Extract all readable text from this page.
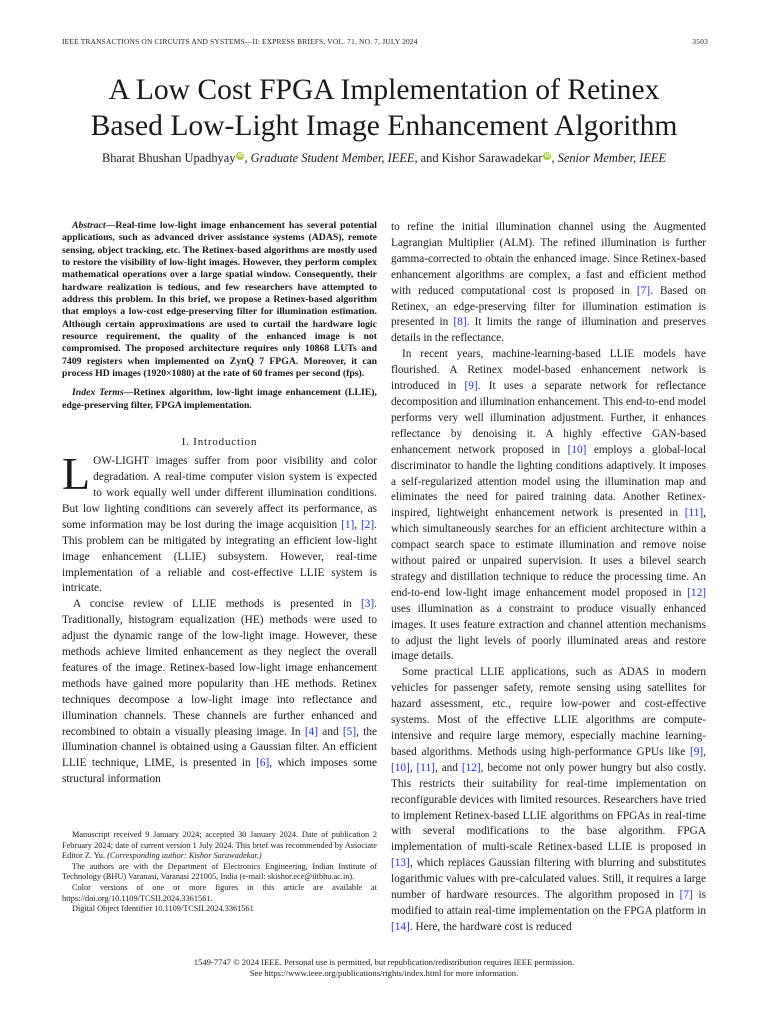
IEEE TRANSACTIONS ON CIRCUITS AND SYSTEMS—II: EXPRESS BRIEFS, VOL. 71, NO. 7, JULY 2024	3503
A Low Cost FPGA Implementation of Retinex
Based Low-Light Image Enhancement Algorithm
Bharat Bhushan Upadhyay iD, Graduate Student Member, IEEE, and Kishor Sarawadekar iD, Senior Member, IEEE

Abstract—Real-time low-light image enhancement has several potential applications, such as advanced driver assistance systems (ADAS), remote sensing, object tracking, etc. The Retinex-based algorithms are mostly used to restore the visibility of low-light images. However, they perform complex mathematical operations over a large spatial window. Consequently, their hardware realization is tedious, and few researchers have attempted to address this problem. In this brief, we propose a Retinex-based algorithm that employs a low-cost edge-preserving filter for illumination estimation. Although certain approximations are used to curtail the hardware logic resource requirement, the quality of the enhanced image is not compromised. The proposed architecture requires only 10868 LUTs and 7409 registers when implemented on ZynQ 7 FPGA. Moreover, it can process HD images (1920×1080) at the rate of 60 frames per second (fps).

Index Terms—Retinex algorithm, low-light image enhancement (LLIE), edge-preserving filter, FPGA implementation.

I. Introduction

LOW-LIGHT images suffer from poor visibility and color degradation. A real-time computer vision system is expected to work equally well under different illumination conditions. But low lighting conditions can severely affect its performance, as some information may be lost during the image acquisition [1], [2]. This problem can be mitigated by integrating an efficient low-light image enhancement (LLIE) subsystem. However, real-time implementation of a reliable and cost-effective LLIE system is intricate.

A concise review of LLIE methods is presented in [3]. Traditionally, histogram equalization (HE) methods were used to adjust the dynamic range of the low-light image. However, these methods achieve limited enhancement as they neglect the overall features of the image. Retinex-based low-light image enhancement methods have gained more popularity than HE methods. Retinex techniques decompose a low-light image into reflectance and illumination channels. These channels are further enhanced and recombined to obtain a visually pleasing image. In [4] and [5], the illumination channel is obtained using a Gaussian filter. An efficient LLIE technique, LIME, is presented in [6], which imposes some structural information

to refine the initial illumination channel using the Augmented Lagrangian Multiplier (ALM). The refined illumination is further gamma-corrected to obtain the enhanced image. Since Retinex-based enhancement algorithms are complex, a fast and efficient method with reduced computational cost is proposed in [7]. Based on Retinex, an edge-preserving filter for illumination estimation is presented in [8]. It limits the range of illumination and preserves details in the reflectance.

In recent years, machine-learning-based LLIE models have flourished. A Retinex model-based enhancement network is introduced in [9]. It uses a separate network for reflectance decomposition and illumination enhancement. This end-to-end model performs very well illumination adjustment. Further, it enhances reflectance by denoising it. A highly effective GAN-based enhancement network proposed in [10] employs a global-local discriminator to handle the lighting conditions adaptively. It imposes a self-regularized attention model using the illumination map and eliminates the need for paired training data. Another Retinex-inspired, lightweight enhancement network is presented in [11], which simultaneously searches for an efficient architecture within a compact search space to estimate illumination and remove noise without paired or unpaired supervision. It uses a bilevel search strategy and distillation technique to reduce the processing time. An end-to-end low-light image enhancement model proposed in [12] uses illumination as a constraint to produce visually enhanced images. It uses feature extraction and channel attention mechanisms to adjust the light levels of poorly illuminated areas and restore image details.

Some practical LLIE applications, such as ADAS in modern vehicles for passenger safety, remote sensing using satellites for hazard assessment, etc., require low-power and cost-effective systems. Most of the effective LLIE algorithms are compute-intensive and require large memory, especially machine learning-based algorithms. Methods using high-performance GPUs like [9], [10], [11], and [12], become not only power hungry but also costly. This restricts their suitability for real-time implementation on reconfigurable devices with limited resources. Researchers have tried to implement Retinex-based LLIE algorithms on FPGAs in real-time with several modifications to the base algorithm. FPGA implementation of multi-scale Retinex-based LLIE is proposed in [13], which replaces Gaussian filtering with blurring and substitutes logarithmic values with pre-calculated values. Still, it requires a large number of hardware resources. The algorithm proposed in [7] is modified to attain real-time implementation on the FPGA platform in [14]. Here, the hardware cost is reduced

Manuscript received 9 January 2024; accepted 30 January 2024. Date of publication 2 February 2024; date of current version 1 July 2024. This brief was recommended by Associate Editor Z. Yu. (Corresponding author: Kishor Sarawadekar.)

The authors are with the Department of Electronics Engineering, Indian Institute of Technology (BHU) Varanasi, Varanasi 221005, India (e-mail: skishor.ece@iitbhu.ac.in).

Color versions of one or more figures in this article are available at https://doi.org/10.1109/TCSII.2024.3361561.

Digital Object Identifier 10.1109/TCSII.2024.3361561

1549-7747 © 2024 IEEE. Personal use is permitted, but republication/redistribution requires IEEE permission.
See https://www.ieee.org/publications/rights/index.html for more information.
